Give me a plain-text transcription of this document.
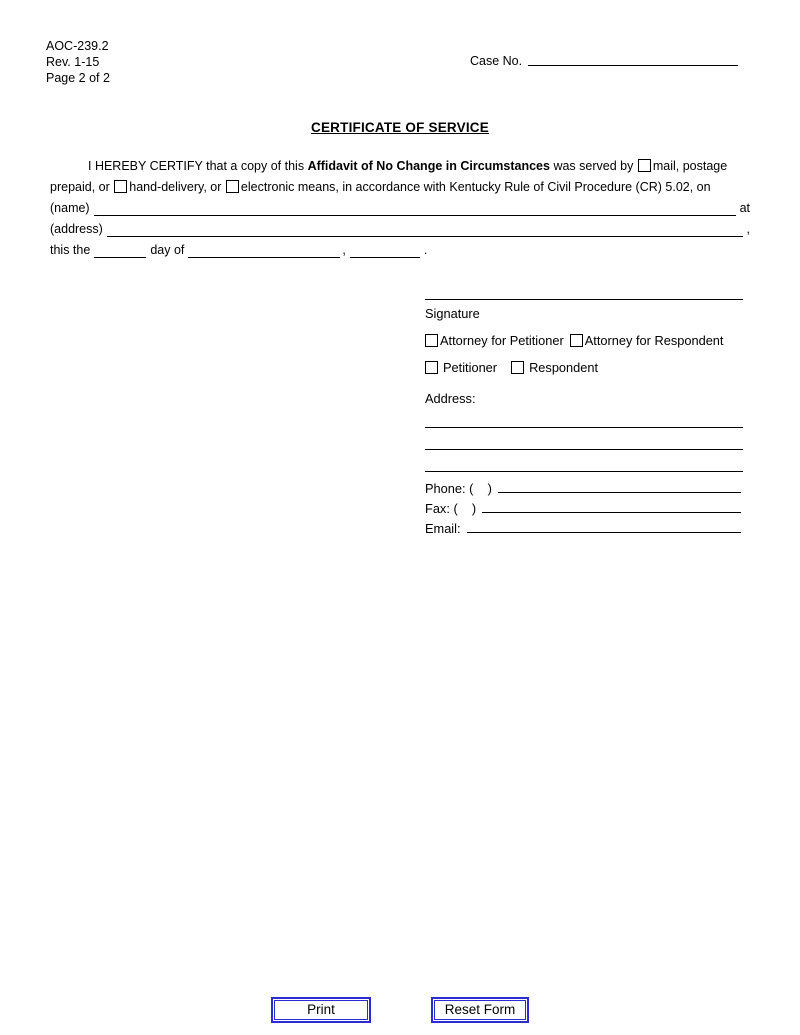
AOC-239.2
Rev. 1-15
Page 2 of 2
Case No.
CERTIFICATE OF SERVICE

I HEREBY CERTIFY that a copy of this Affidavit of No Change in Circumstances was served by mail, postage prepaid, or hand-delivery, or electronic means, in accordance with Kentucky Rule of Civil Procedure (CR) 5.02, on

(name)	at
(address)	,
this the	day of	,	.
Signature
Attorney for Petitioner Attorney for Respondent
Petitioner	Respondent
Address:
Phone: (    )
Fax: (    )
Email:
Print	Reset Form
